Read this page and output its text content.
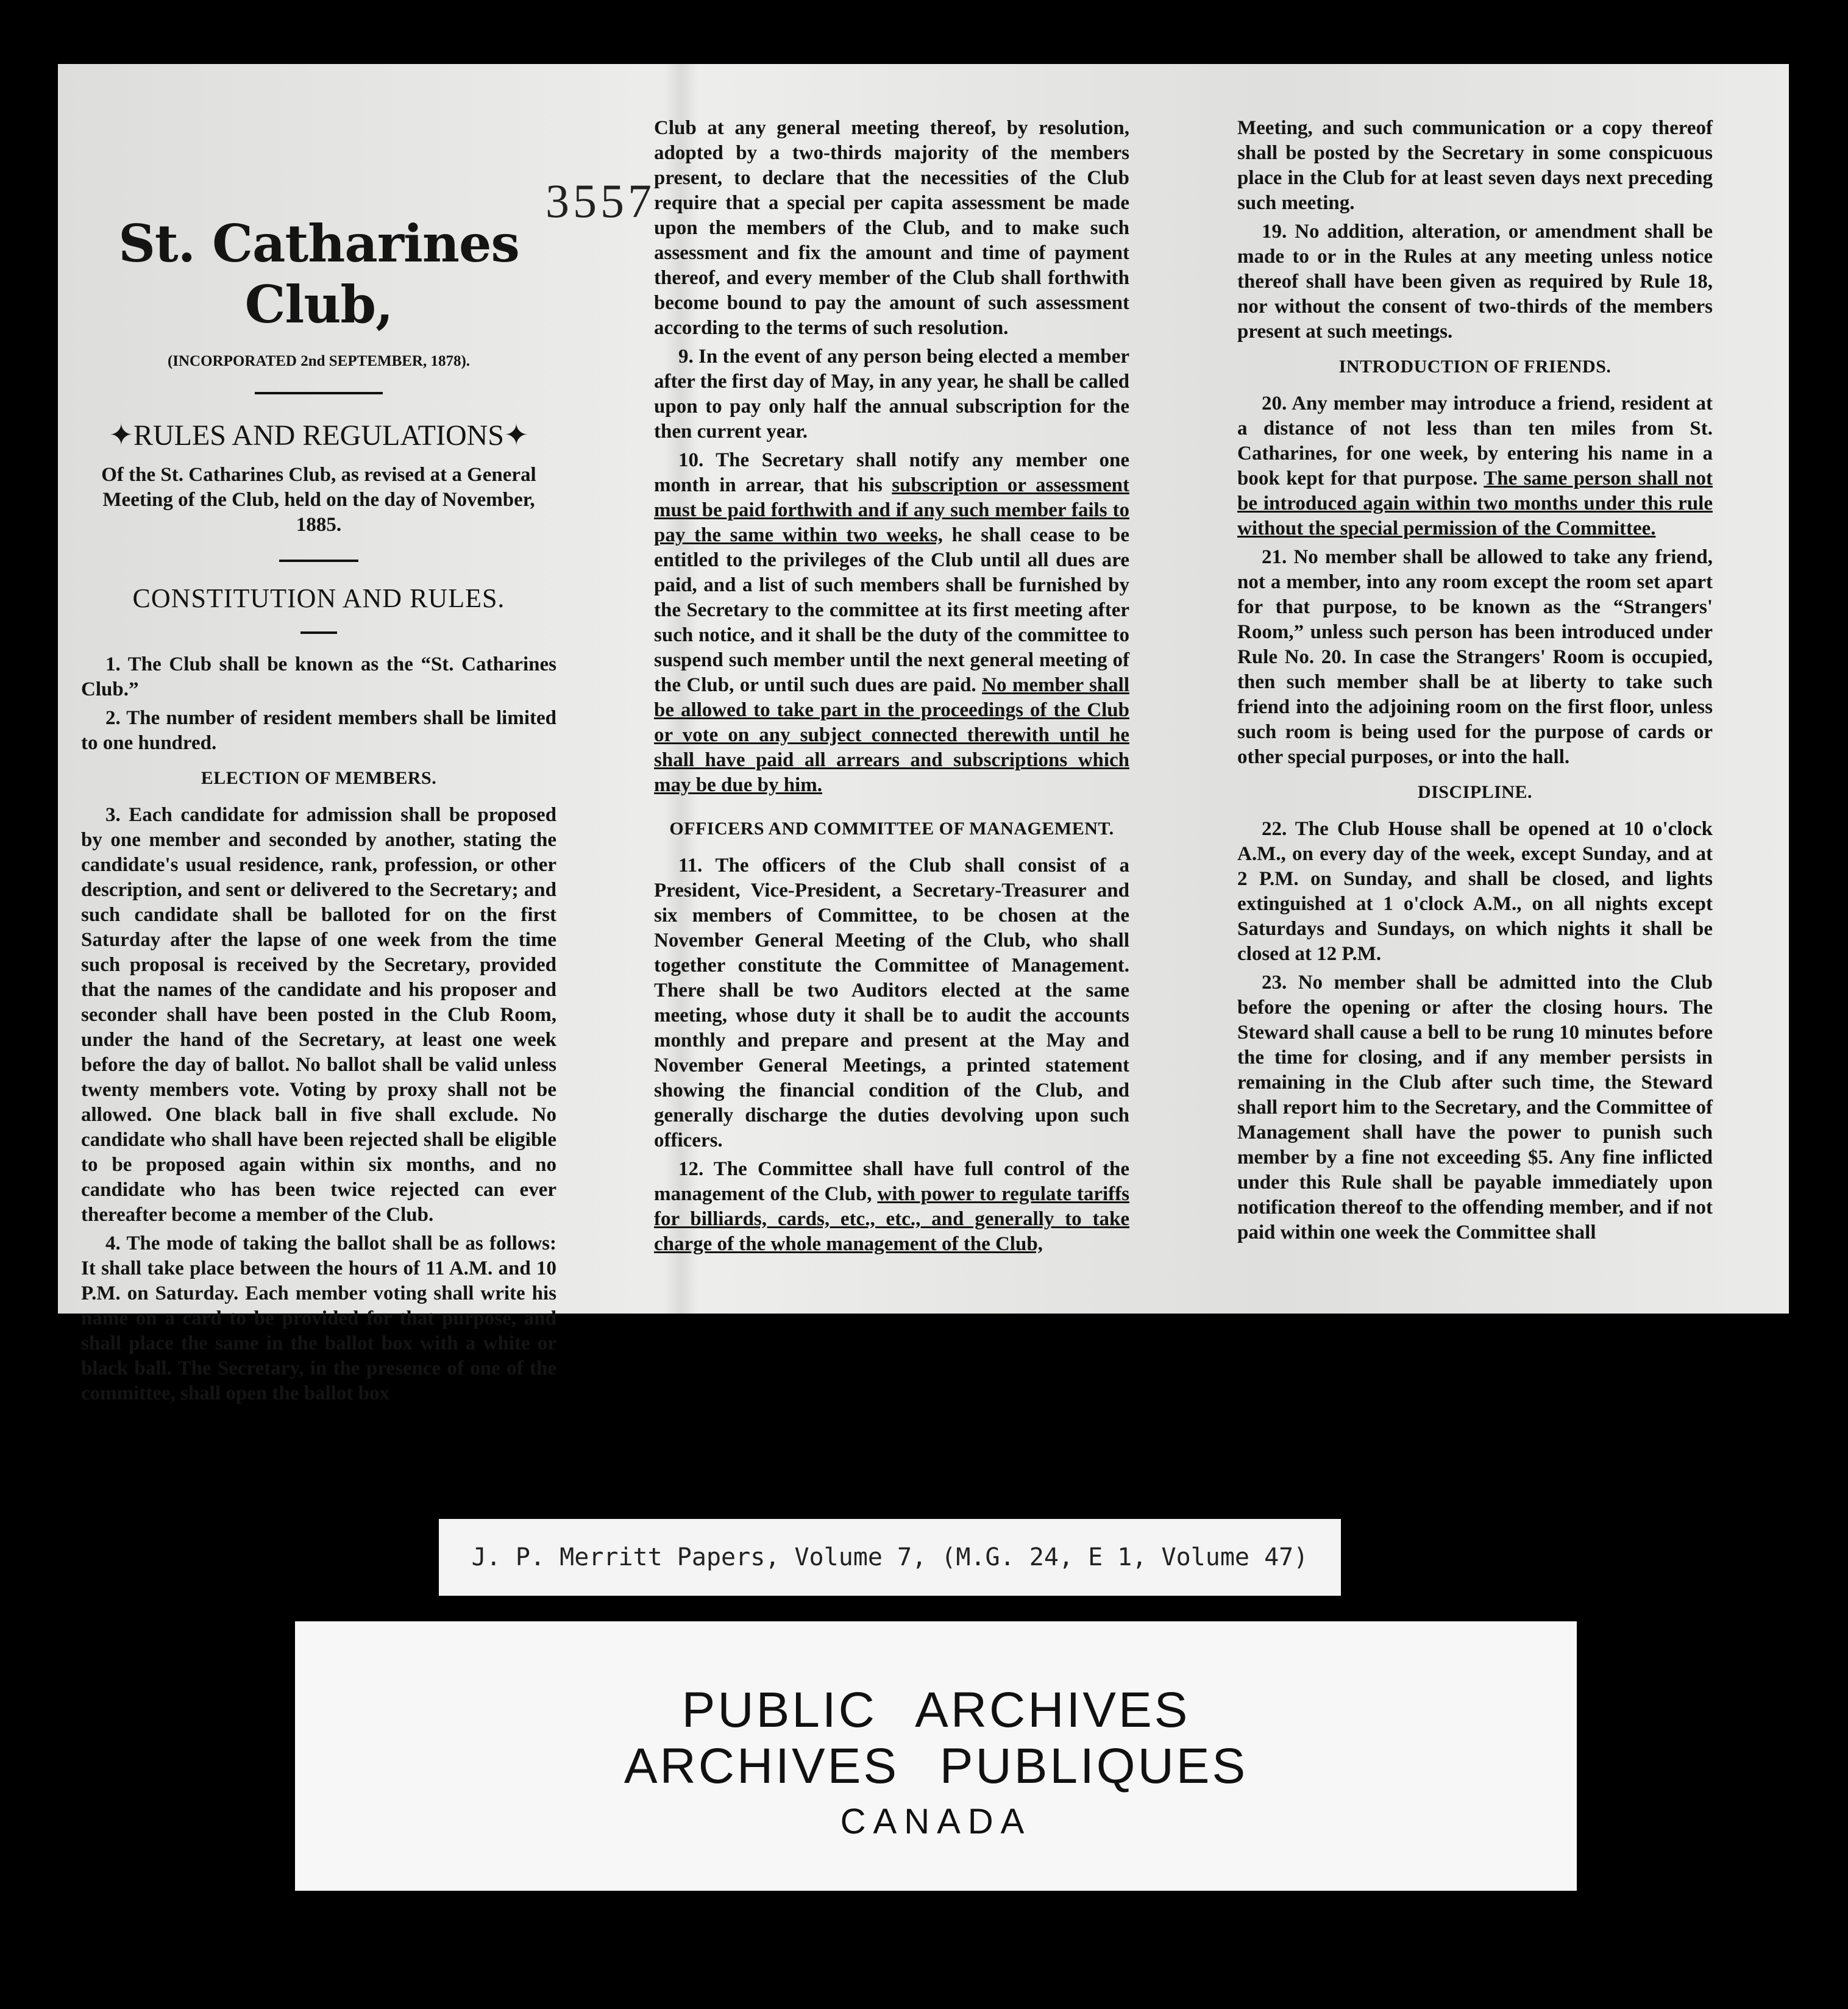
3557
St. Catharines Club,
(INCORPORATED 2nd SEPTEMBER, 1878).
✦RULES AND REGULATIONS✦

Of the St. Catharines Club, as revised at a General Meeting of the Club, held on the day of November, 1885.

CONSTITUTION AND RULES.

1. The Club shall be known as the “St. Catharines Club.”

2. The number of resident members shall be limited to one hundred.

ELECTION OF MEMBERS.

3. Each candidate for admission shall be proposed by one member and seconded by another, stating the candidate's usual residence, rank, profession, or other description, and sent or delivered to the Secretary; and such candidate shall be balloted for on the first Saturday after the lapse of one week from the time such proposal is received by the Secretary, provided that the names of the candidate and his proposer and seconder shall have been posted in the Club Room, under the hand of the Secretary, at least one week before the day of ballot. No ballot shall be valid unless twenty members vote. Voting by proxy shall not be allowed. One black ball in five shall exclude. No candidate who shall have been rejected shall be eligible to be proposed again within six months, and no candidate who has been twice rejected can ever thereafter become a member of the Club.

4. The mode of taking the ballot shall be as follows: It shall take place between the hours of 11 A.M. and 10 P.M. on Saturday. Each member voting shall write his name on a card to be provided for that purpose, and shall place the same in the ballot box with a white or black ball. The Secretary, in the presence of one of the committee, shall open the ballot box

Club at any general meeting thereof, by resolution, adopted by a two-thirds majority of the members present, to declare that the necessities of the Club require that a special per capita assessment be made upon the members of the Club, and to make such assessment and fix the amount and time of payment thereof, and every member of the Club shall forthwith become bound to pay the amount of such assessment according to the terms of such resolution.

9. In the event of any person being elected a member after the first day of May, in any year, he shall be called upon to pay only half the annual subscription for the then current year.

10. The Secretary shall notify any member one month in arrear, that his subscription or assessment must be paid forthwith and if any such member fails to pay the same within two weeks, he shall cease to be entitled to the privileges of the Club until all dues are paid, and a list of such members shall be furnished by the Secretary to the committee at its first meeting after such notice, and it shall be the duty of the committee to suspend such member until the next general meeting of the Club, or until such dues are paid. No member shall be allowed to take part in the proceedings of the Club or vote on any subject connected therewith until he shall have paid all arrears and subscriptions which may be due by him.

OFFICERS AND COMMITTEE OF MANAGEMENT.

11. The officers of the Club shall consist of a President, Vice-President, a Secretary-Treasurer and six members of Committee, to be chosen at the November General Meeting of the Club, who shall together constitute the Committee of Management. There shall be two Auditors elected at the same meeting, whose duty it shall be to audit the accounts monthly and prepare and present at the May and November General Meetings, a printed statement showing the financial condition of the Club, and generally discharge the duties devolving upon such officers.

12. The Committee shall have full control of the management of the Club, with power to regulate tariffs for billiards, cards, etc., etc., and generally to take charge of the whole management of the Club,

Meeting, and such communication or a copy thereof shall be posted by the Secretary in some conspicuous place in the Club for at least seven days next preceding such meeting.

19. No addition, alteration, or amendment shall be made to or in the Rules at any meeting unless notice thereof shall have been given as required by Rule 18, nor without the consent of two-thirds of the members present at such meetings.

INTRODUCTION OF FRIENDS.

20. Any member may introduce a friend, resident at a distance of not less than ten miles from St. Catharines, for one week, by entering his name in a book kept for that purpose. The same person shall not be introduced again within two months under this rule without the special permission of the Committee.

21. No member shall be allowed to take any friend, not a member, into any room except the room set apart for that purpose, to be known as the “Strangers' Room,” unless such person has been introduced under Rule No. 20. In case the Strangers' Room is occupied, then such member shall be at liberty to take such friend into the adjoining room on the first floor, unless such room is being used for the purpose of cards or other special purposes, or into the hall.

DISCIPLINE.

22. The Club House shall be opened at 10 o'clock A.M., on every day of the week, except Sunday, and at 2 P.M. on Sunday, and shall be closed, and lights extinguished at 1 o'clock A.M., on all nights except Saturdays and Sundays, on which nights it shall be closed at 12 P.M.

23. No member shall be admitted into the Club before the opening or after the closing hours. The Steward shall cause a bell to be rung 10 minutes before the time for closing, and if any member persists in remaining in the Club after such time, the Steward shall report him to the Secretary, and the Committee of Management shall have the power to punish such member by a fine not exceeding $5. Any fine inflicted under this Rule shall be payable immediately upon notification thereof to the offending member, and if not paid within one week the Committee shall

J. P. Merritt Papers, Volume 7, (M.G. 24, E 1, Volume 47)
PUBLIC ARCHIVES
ARCHIVES PUBLIQUES
CANADA
